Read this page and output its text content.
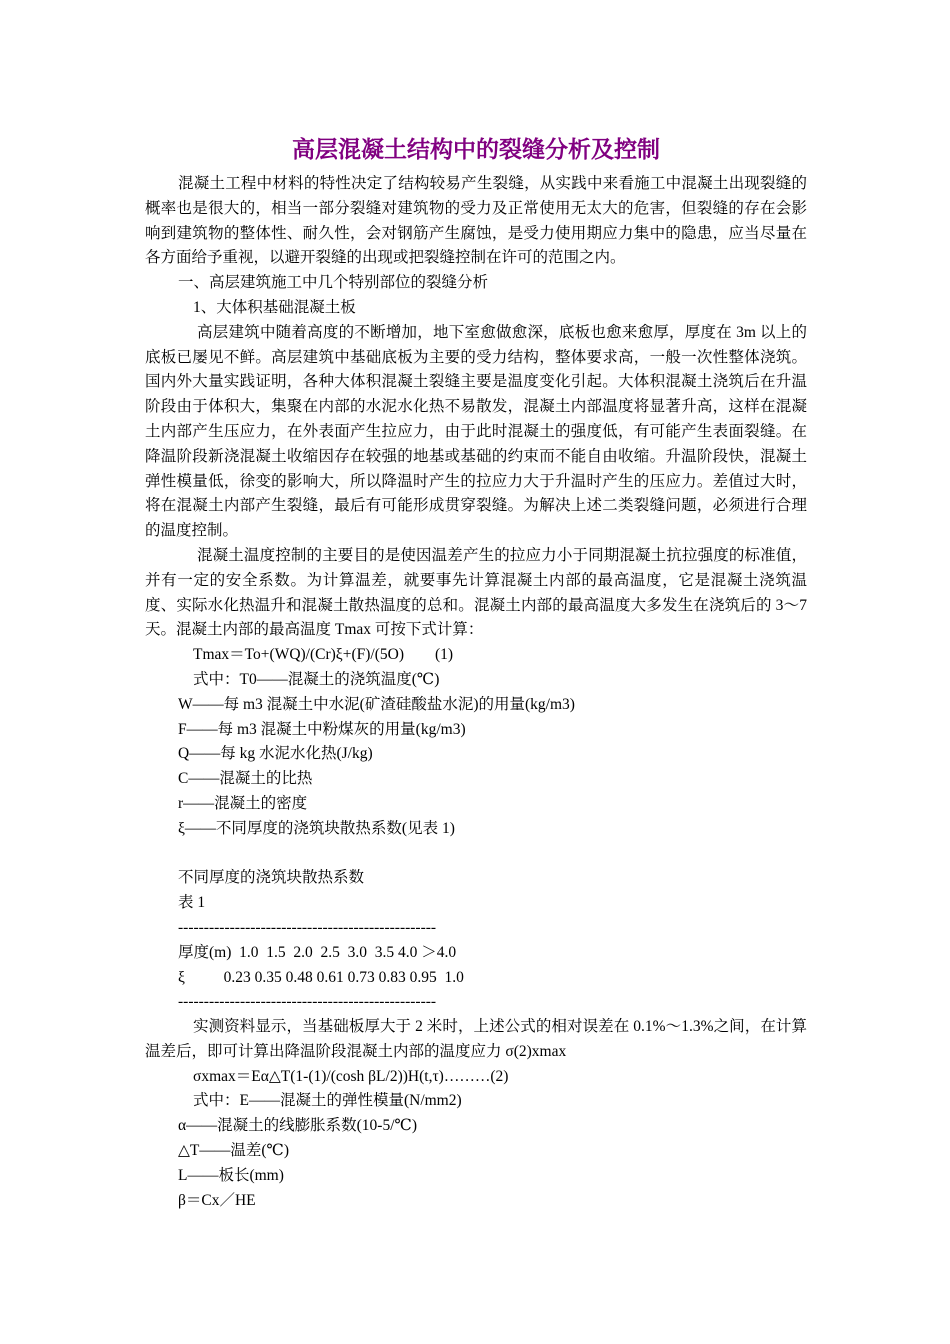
高层混凝土结构中的裂缝分析及控制

混凝土工程中材料的特性决定了结构较易产生裂缝，从实践中来看施工中混凝土出现裂缝的概率也是很大的，相当一部分裂缝对建筑物的受力及正常使用无太大的危害，但裂缝的存在会影响到建筑物的整体性、耐久性，会对钢筋产生腐蚀，是受力使用期应力集中的隐患，应当尽量在各方面给予重视，以避开裂缝的出现或把裂缝控制在许可的范围之内。

一、高层建筑施工中几个特别部位的裂缝分析

1、大体积基础混凝土板

高层建筑中随着高度的不断增加，地下室愈做愈深，底板也愈来愈厚，厚度在 3m 以上的底板已屡见不鲜。高层建筑中基础底板为主要的受力结构，整体要求高，一般一次性整体浇筑。国内外大量实践证明，各种大体积混凝土裂缝主要是温度变化引起。大体积混凝土浇筑后在升温阶段由于体积大，集聚在内部的水泥水化热不易散发，混凝土内部温度将显著升高，这样在混凝土内部产生压应力，在外表面产生拉应力，由于此时混凝土的强度低，有可能产生表面裂缝。在降温阶段新浇混凝土收缩因存在较强的地基或基础的约束而不能自由收缩。升温阶段快，混凝土弹性模量低，徐变的影响大，所以降温时产生的拉应力大于升温时产生的压应力。差值过大时，将在混凝土内部产生裂缝，最后有可能形成贯穿裂缝。为解决上述二类裂缝问题，必须进行合理的温度控制。

混凝土温度控制的主要目的是使因温差产生的拉应力小于同期混凝土抗拉强度的标准值，并有一定的安全系数。为计算温差，就要事先计算混凝土内部的最高温度，它是混凝土浇筑温度、实际水化热温升和混凝土散热温度的总和。混凝土内部的最高温度大多发生在浇筑后的 3～7 天。混凝土内部的最高温度 Tmax 可按下式计算：

Tmax＝To+(WQ)/(Cr)ξ+(F)/(5O)        (1)

式中：T0——混凝土的浇筑温度(℃)

W——每 m3 混凝土中水泥(矿渣硅酸盐水泥)的用量(kg/m3)

F——每 m3 混凝土中粉煤灰的用量(kg/m3)

Q——每 kg 水泥水化热(J/kg)

C——混凝土的比热

r——混凝土的密度

ξ——不同厚度的浇筑块散热系数(见表 1)

不同厚度的浇筑块散热系数

表 1

--------------------------------------------------

厚度(m)  1.0  1.5  2.0  2.5  3.0  3.5 4.0 ＞4.0

ξ          0.23 0.35 0.48 0.61 0.73 0.83 0.95  1.0

--------------------------------------------------

实测资料显示，当基础板厚大于 2 米时，上述公式的相对误差在 0.1%～1.3%之间，在计算温差后，即可计算出降温阶段混凝土内部的温度应力 σ(2)xmax

σxmax＝Eα△T(1-(1)/(cosh βL/2))H(t,τ)………(2)

式中：E——混凝土的弹性模量(N/mm2)

α——混凝土的线膨胀系数(10-5/℃)

△T——温差(℃)

L——板长(mm)

β＝Cx／HE
